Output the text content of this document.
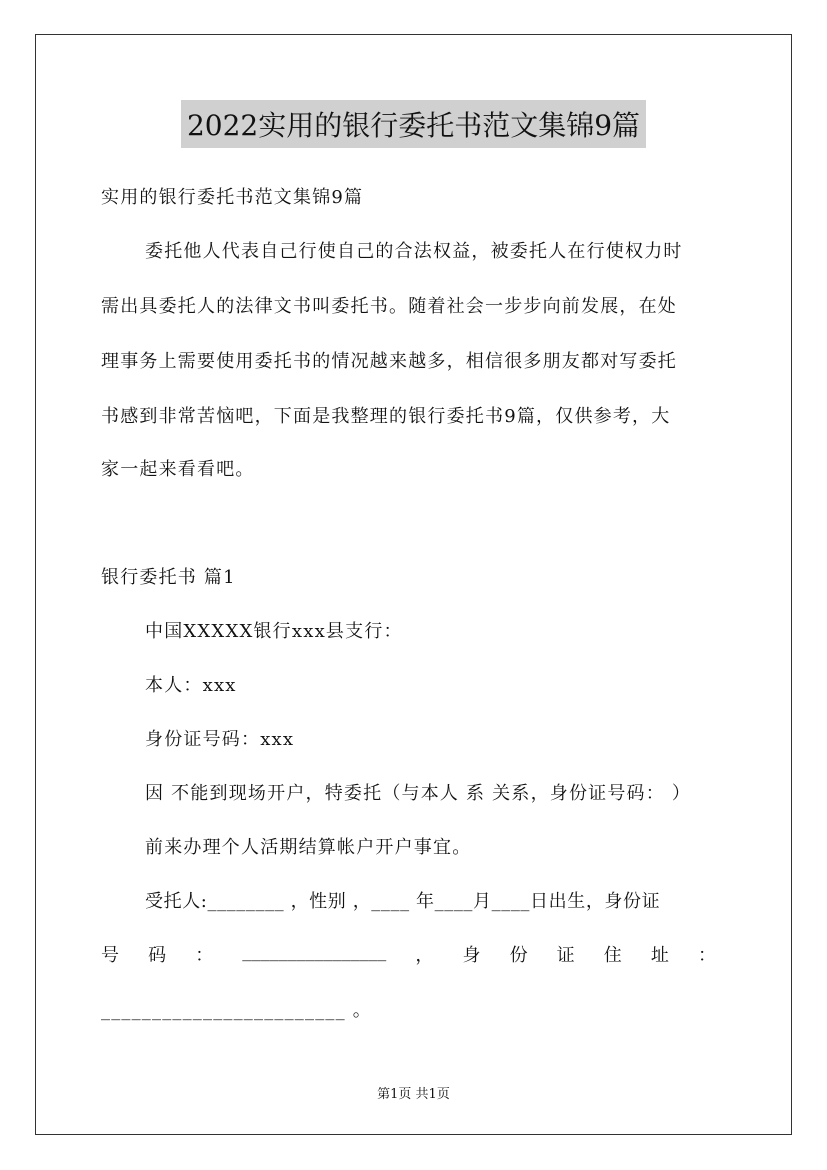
2022实用的银行委托书范文集锦9篇
实用的银行委托书范文集锦9篇
委托他人代表自己行使自己的合法权益，被委托人在行使权力时
需出具委托人的法律文书叫委托书。随着社会一步步向前发展，在处
理事务上需要使用委托书的情况越来越多，相信很多朋友都对写委托
书感到非常苦恼吧，下面是我整理的银行委托书9篇，仅供参考，大
家一起来看看吧。
银行委托书 篇1
中国XXXXX银行xxx县支行：
本人：xxx
身份证号码：xxx
因 不能到现场开户，特委托（与本人 系 关系，身份证号码： ）
前来办理个人活期结算帐户开户事宜。
受托人:________ ，性别 ，____ 年____月____日出生，身份证
号 码 ： ________________ ， 身 份 证 住 址 ：
________________________ 。
第1页 共1页
